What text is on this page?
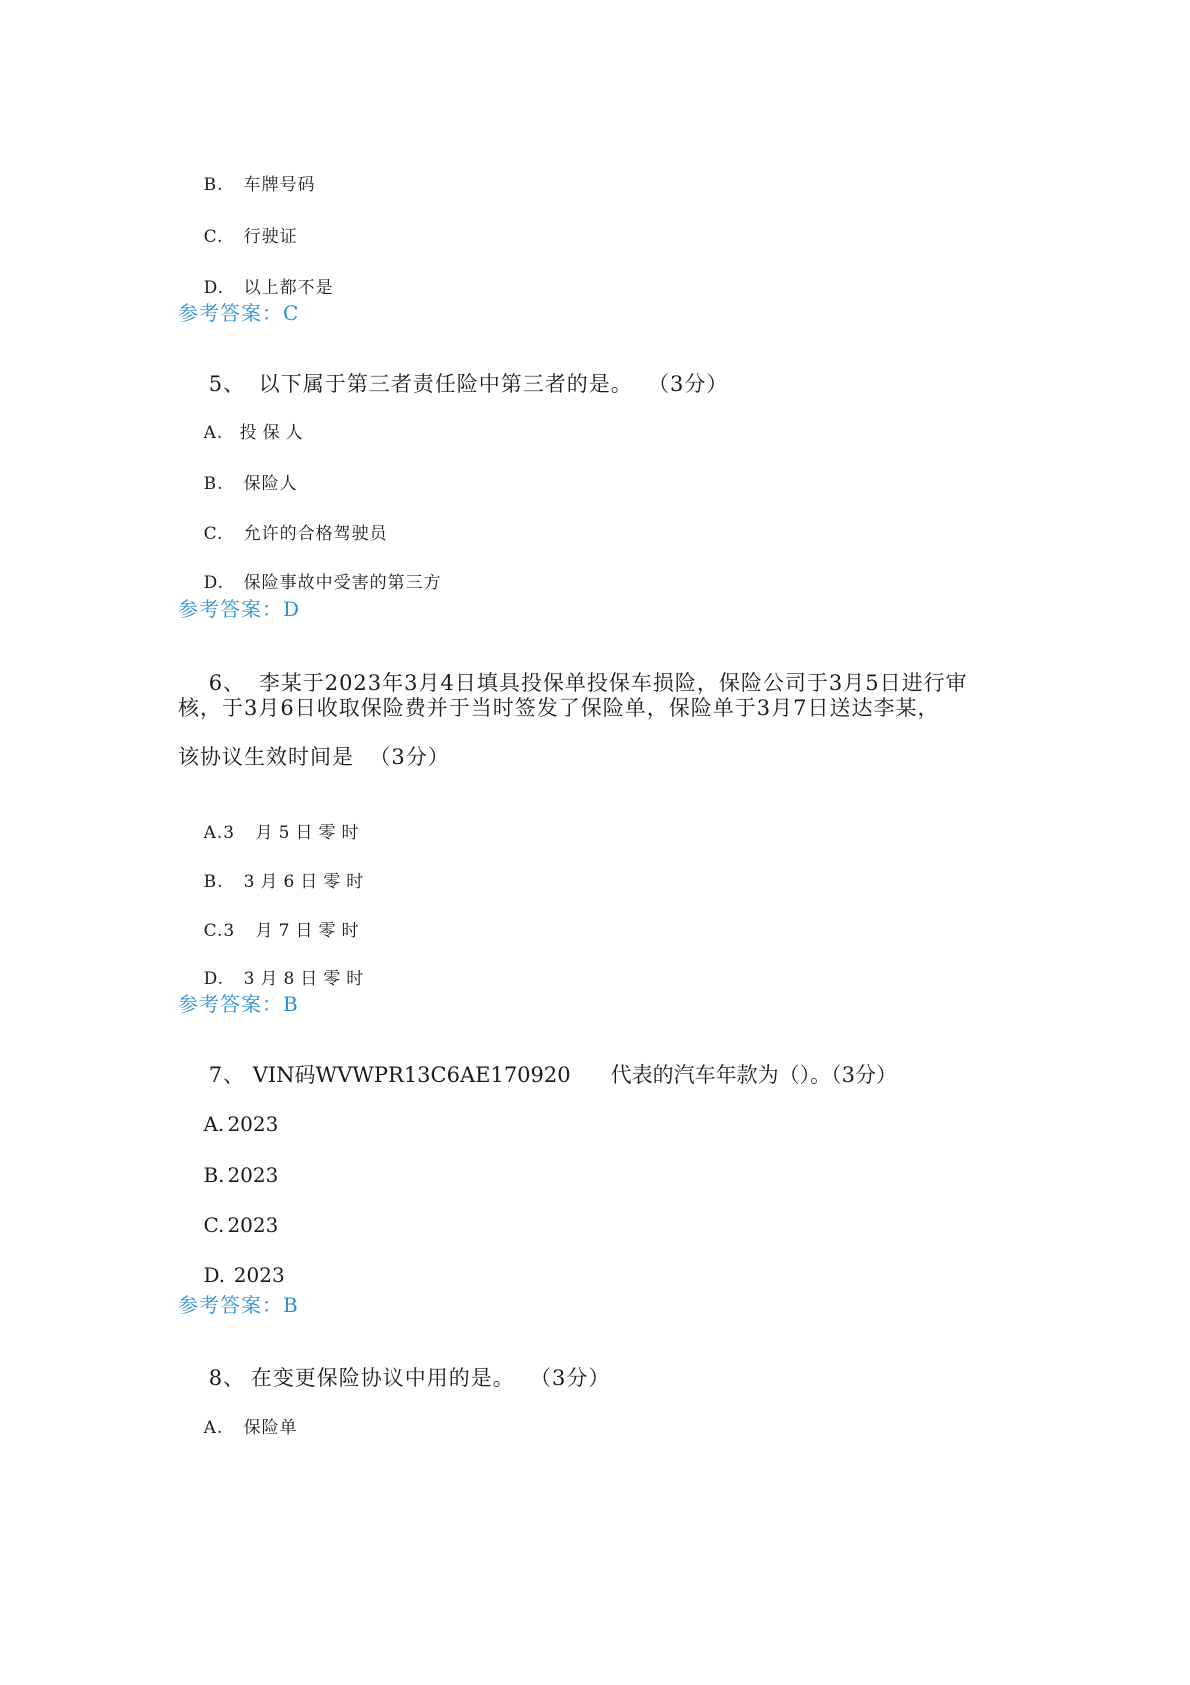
B. 车牌号码

C. 行驶证

D. 以上都不是

参考答案：C

5、 以下属于第三者责任险中第三者的是。  （3分）

A. 投保人

B. 保险人

C. 允许的合格驾驶员

D. 保险事故中受害的第三方

参考答案：D

6、 李某于2023年3月4日填具投保单投保车损险，保险公司于3月5日进行审

核，于3月6日收取保险费并于当时签发了保险单，保险单于3月7日送达李某，
该协议生效时间是  （3分）

A.3 月5日零时

B. 3月6日零时

C.3 月7日零时

D. 3月8日零时

参考答案：B

7、 VIN码WVWPR13C6AE170920      代表的汽车年款为（）。（3分）

A. 2023

B. 2023

C. 2023

D. 2023

参考答案：B

8、 在变更保险协议中用的是。  （3分）

A. 保险单
